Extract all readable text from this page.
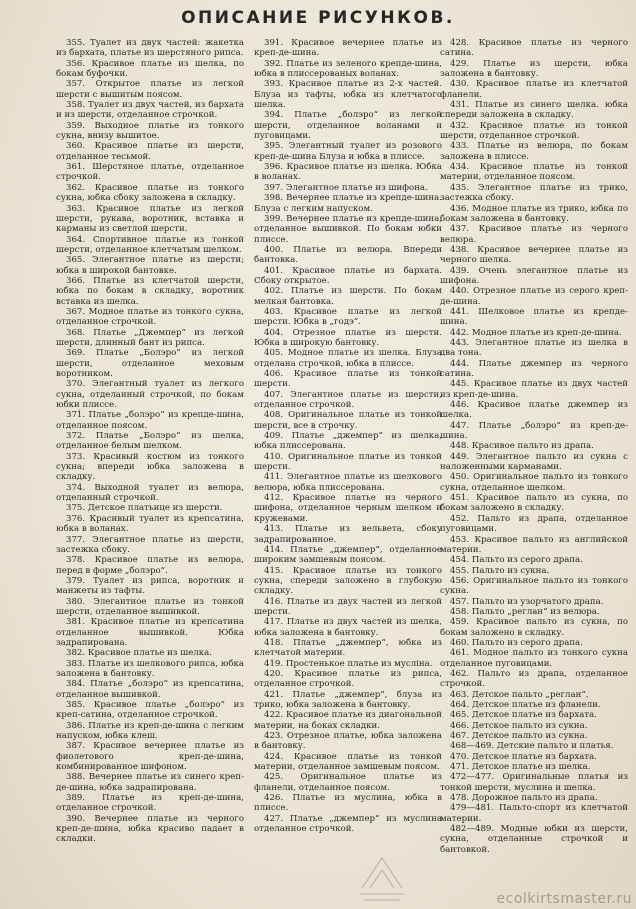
ОПИСАНИЕ РИСУНКОВ.
355. Туалет из двух частей: жакетка из бархата, платье из шерстяного рипса.
356. Красивое платье из шелка, по бокам буфочки.
357. Открытое платье из легкой шерсти с вышитым поясом.
358. Туалет из двух частей, из бархата и из шерсти, отделанное строчкой.
359. Выходное платье из тонкого сукна, внизу вышитое.
360. Красивое платье из шерсти, отделанное тесьмой.
361. Шерстяное платье, отделанное строчкой.
362. Красивое платье из тонкого сукна, юбка сбоку заложена в складку.
363. Красивое платье из легкой шерсти, рукава, воротник, вставка и карманы из светлой шерсти.
364. Спортивное платье из тонкой шерсти, отделанное клетчатым шелком.
365. Элегантное платье из шерсти; юбка в широкой бантовке.
366. Платье из клетчатой шерсти, юбка по бокам в складку, воротник вставка из шелка.
367. Модное платье из тонкого сукна, отделанное строчкой.
368. Платье „Джемпер“ из легкой шерсти, длинный бант из рипса.
369. Платье „Болэро“ из легкой шерсти, отделанное меховым воротником.
370. Элегантный туалет из легкого сукна, отделанный строчкой, по бокам юбки плиссе.
371. Платье „болэро“ из крепде-шина, отделанное поясом.
372. Платье „Болэро“ из шелка, отделанное белым шелком.
373. Красивый костюм из тонкого сукна; впереди юбка заложена в складку.
374. Выходной туалет из велюра, отделанный строчкой.
375. Детское платьице из шерсти.
376. Красивый туалет из крепсатина, юбка в воланах.
377. Элегантное платье из шерсти, застежка сбоку.
378. Красивое платье из велюра, перед в форме „болэро“.
379. Туалет из рипса, воротник и манжеты из тафты.
380. Элегантное платье из тонкой шерсти, отделанное вышивкой.
381. Красивое платье из крепсатина отделанное вышивкой. Юбка задрапирована.
382. Красивое платье из шелка.
383. Платье из шелкового рипса, юбка заложена в бантовку.
384. Платье „болэро“ из крепсатина, отделанное вышивкой.
385. Красивое платье „болэро“ из креп-сатина, отделанное строчкой.
386. Платье из креп-де-шина с легким напуском, юбка клеш.
387. Красивое вечернее платье из фиолетового креп-де-шина, комбинированное шифоном.
388. Вечернее платье из синего креп-де-шина, юбка задрапирована.
389. Платье из креп-де-шина, отделанное строчкой.
390. Вечернее платье из черного креп-де-шина, юбка красиво падает в складки.
391. Красивое вечернее платье из креп-де-шина.
392. Платье из зеленого крепде-шина, юбка в плиссерованых воланах.
393. Красивое платье из 2-х частей. Блуза из тафты, юбка из клетчатого шелка.
394. Платье „болэро“ из легкой шерсти, отделанное воланами и пуговицами.
395. Элегантный туалет из розового креп-де-шина Блуза и юбка в плиссе.
396. Красивое платье из шелка. Юбка в воланах.
397. Элегантное платье из шифона.
398. Вечернее платье из крепде-шина. Блуза с легким напуском.
399. Вечернее платье из крепде-шина, отделанное вышивкой. По бокам юбки плиссе.
400. Платье из велюра. Впереди бантовка.
401. Красивое платье из бархата. Сбоку открытое.
402. Платье из шерсти. По бокам мелкая бантовка.
403. Красивое платье из легкой шерсти. Юбка в „годэ“.
404. Отрезное платье из шерсти. Юбка в широкую бантовку.
405. Модное платье из шелка. Блуза отделана строчкой, юбка в плиссе.
406. Красивое платье из тонкой шерсти.
407. Элегантное платье из шерсти, отделанное строчкой.
408. Оригинальное платье из тонкой шерсти, все в строчку.
409. Платье „джемпер“ из шелка, юбка плиссерована.
410. Оригинальное платье из тонкой шерсти.
411. Элегантное платье из шелкового велюра, юбка плиссерована.
412. Красивое платье из черного шифона, отделанное черным шелком и кружевами.
413. Платье из вельвета, сбоку задрапированное.
414. Платье „джемпер“, отделанное широким замшевым поясом.
415. Красивое платье из тонкого сукна, спереди заложено в глубокую складку.
416. Платье из двух частей из легкой шерсти.
417. Платье из двух частей из шелка, юбка заложена в бантовку.
418. Платье „джемпер“, юбка из клетчатой материи.
419. Простенькое платье из мусліна.
420. Красивое платье из рипса, отделанное строчкой.
421. Платье „джемпер“, блуза из трико, юбка заложена в бантовку.
422. Красивое платье из диагональной материи, на боках складки.
423. Отрезное платье, юбка заложена в бантовку.
424. Красивое платье из тонкой материи, отделанное замшевым поясом.
425. Оригинальное платье из фланели, отделанное поясом.
426. Платье из муслина, юбка в плиссе.
427. Платье „джемпер“ из муслина отделанное строчкой.
428. Красивое платье из черного сатина.
429. Платье из шерсти, юбка заложена в бантовку.
430. Красивое платье из клетчатой фланели.
431. Платье из синего шелка. юбка спереди заложена в складку.
432. Красивое платье из тонкой шерсти, отделанное строчкой.
433. Платье из велюра, по бокам заложена в плиссе.
434. Красивое платье из тонкой материи, отделанное поясом.
435. Элегантное платье из трико, застежка сбоку.
436. Модное платье из трико, юбка по бокам заложена в бантовку.
437. Красивое платье из черного велюра.
438. Красивое вечернее платье из черного шелка.
439. Очень элегантное платье из шифона.
440. Отрезное платье из серого креп-де-шина.
441. Шелковое платье из крепде-шина.
442. Модное платье из креп-де-шина.
443. Элегантное платье из шелка в два тона.
444. Платье джемпер из черного сатина.
445. Красивое платье из двух частей из креп-де-шина.
446. Красивое платье джемпер из шелка.
447. Платье „болэро“ из креп-де-шина.
448. Красивое пальто из драпа.
449. Элегантное пальто из сукна с наложенными карманами.
450. Оригинальное пальто из тонкого сукна, отделанное шелком.
451. Красивое пальто из сукна, по бокам заложено в складку.
452. Пальто из драпа, отделанное пуговицами.
453. Красивое пальто из английской материи.
454. Пальто из серого драпа.
455. Пальто из сукна.
456. Оригинальное пальто из тонкого сукна.
457. Пальто из узорчатого драпа.
458. Пальто „реглан“ из велюра.
459. Красивое пальто из сукна, по бокам заложено в складку.
460. Пальто из серого драпа.
461. Модное пальто из тонкого сукна отделанное пуговицами.
462. Пальто из драпа, отделанное строчкой.
463. Детское пальто „реглан“.
464. Детское платье из фланели.
465. Детское платье из бархата.
466. Детское пальто из сукна.
467. Детское пальто из сукна.
468—469. Детские пальто и платья.
470. Детское платье из бархата.
471. Детское платье из шелка.
472—477. Оригинальные платья из тонкой шерсти, муслина и шелка.
478. Дорожное пальто из драпа.
479—481. Пальто-спорт из клетчатой материи.
482—489. Модные юбки из шерсти, сукна, отделанные строчкой и бантовкой.
ecolkirtsmaster.ru
